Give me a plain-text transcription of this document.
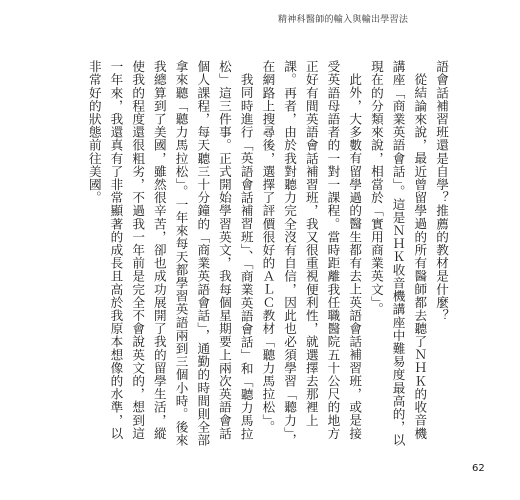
精神科醫師的輸入與輸出學習法

語會話補習班還是自學？推薦的教材是什麼？

從結論來說，最近曾留學過的所有醫師都去聽了ＮＨＫ的收音機講座「商業英語會話」。這是ＮＨＫ收音機講座中難易度最高的，以現在的分類來說，相當於「實用商業英文」。

此外，大多數有留學過的醫生都有去上英語會話補習班，或是接受英語母語者的一對一課程。當時距離我任職醫院五十公尺的地方正好有間英語會話補習班，我又很重視便利性，就選擇去那裡上課。再者，由於我對聽力完全沒有自信，因此也必須學習「聽力」，在網路上搜尋後，選擇了評價很好的ＡＬＣ教材「聽力馬拉松」。

我同時進行「英語會話補習班」、「商業英語會話」和「聽力馬拉松」這三件事。正式開始學習英文，我每個星期要上兩次英語會話個人課程，每天聽三十分鐘的「商業英語會話」，通勤的時間則全部拿來聽「聽力馬拉松」。一年來每天都學習英語兩到三個小時。後來我總算到了美國，雖然很辛苦，卻也成功展開了我的留學生活，縱使我的程度還很粗劣，不過我一年前是完全不會說英文的，想到這一年來，我還真有了非常顯著的成長且高於我原本想像的水準，以非常好的狀態前往美國。

62
